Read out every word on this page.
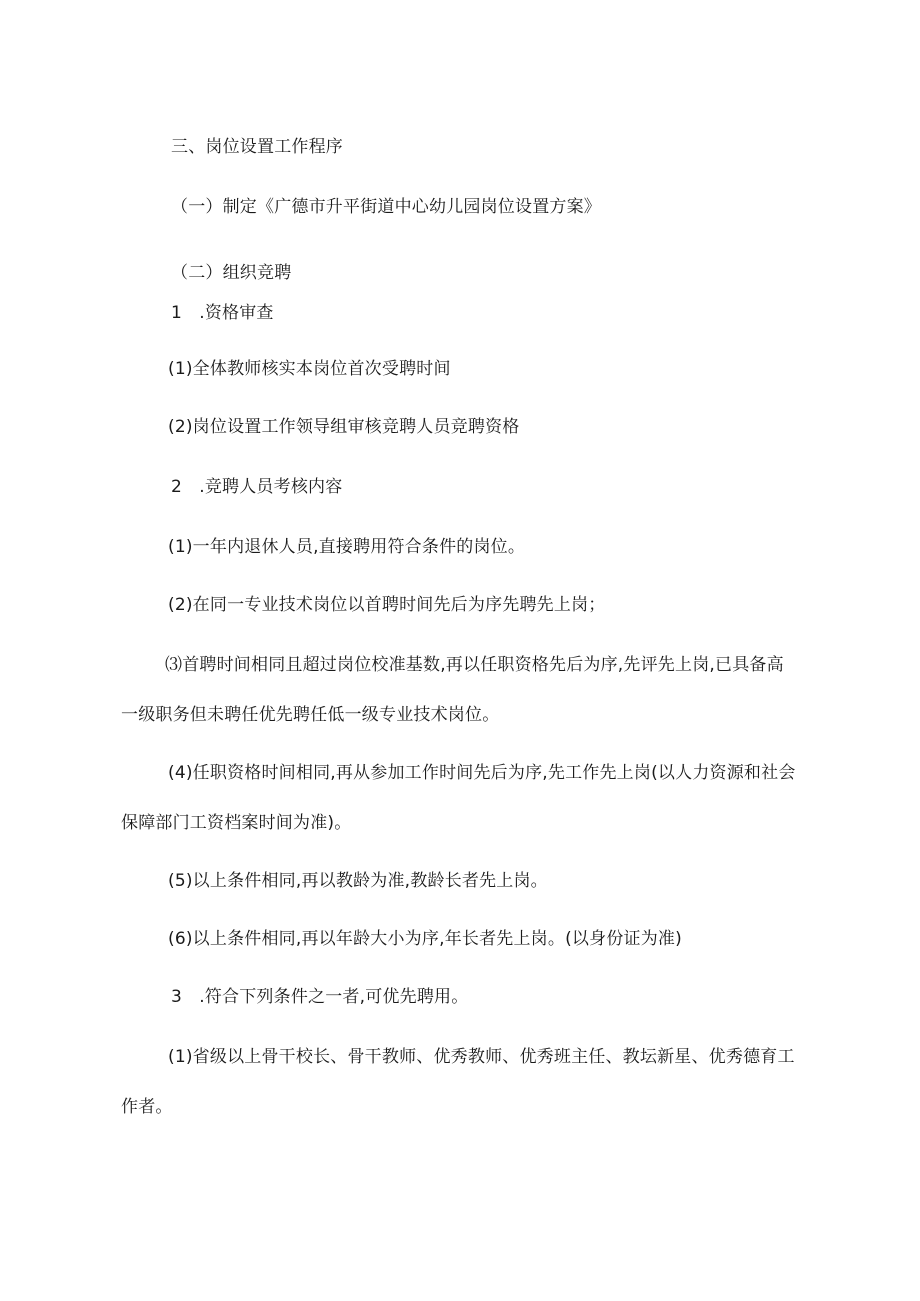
三、岗位设置工作程序
（一）制定《广德市升平街道中心幼儿园岗位设置方案》
（二）组织竞聘
1　.资格审查
(1)全体教师核实本岗位首次受聘时间
(2)岗位设置工作领导组审核竞聘人员竞聘资格
2　.竞聘人员考核内容
(1)一年内退休人员,直接聘用符合条件的岗位。
(2)在同一专业技术岗位以首聘时间先后为序先聘先上岗；
⑶首聘时间相同且超过岗位校准基数,再以任职资格先后为序,先评先上岗,已具备高
一级职务但未聘任优先聘任低一级专业技术岗位。
(4)任职资格时间相同,再从参加工作时间先后为序,先工作先上岗(以人力资源和社会
保障部门工资档案时间为准)。
(5)以上条件相同,再以教龄为准,教龄长者先上岗。
(6)以上条件相同,再以年龄大小为序,年长者先上岗。(以身份证为准)
3　.符合下列条件之一者,可优先聘用。
(1)省级以上骨干校长、骨干教师、优秀教师、优秀班主任、教坛新星、优秀德育工
作者。
